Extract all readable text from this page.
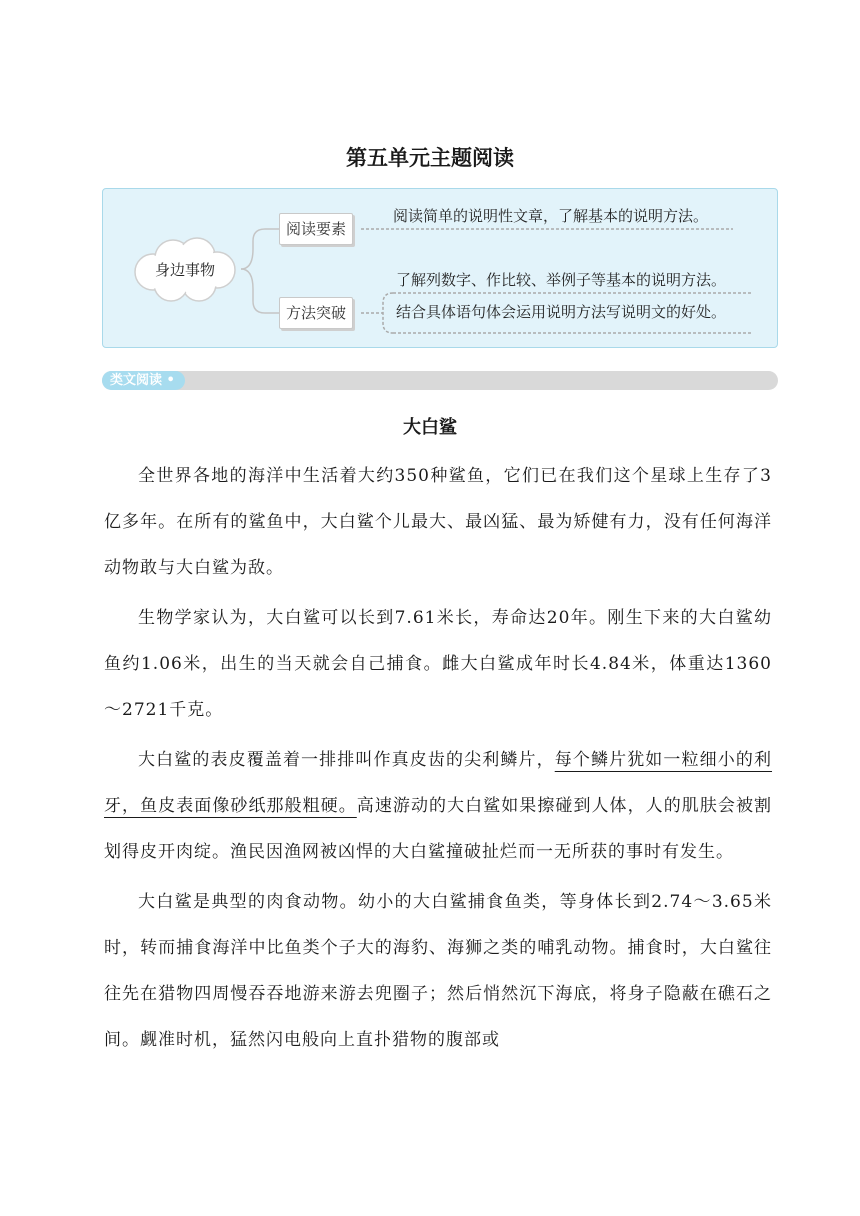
第五单元主题阅读
身边事物
阅读要素
方法突破
阅读简单的说明性文章，了解基本的说明方法。
了解列数字、作比较、举例子等基本的说明方法。
结合具体语句体会运用说明方法写说明文的好处。
类文阅读 •
大白鲨

全世界各地的海洋中生活着大约350种鲨鱼，它们已在我们这个星球上生存了3亿多年。在所有的鲨鱼中，大白鲨个儿最大、最凶猛、最为矫健有力，没有任何海洋动物敢与大白鲨为敌。

生物学家认为，大白鲨可以长到7.61米长，寿命达20年。刚生下来的大白鲨幼鱼约1.06米，出生的当天就会自己捕食。雌大白鲨成年时长4.84米，体重达1360～2721千克。

大白鲨的表皮覆盖着一排排叫作真皮齿的尖利鳞片，每个鳞片犹如一粒细小的利牙，鱼皮表面像砂纸那般粗硬。高速游动的大白鲨如果擦碰到人体，人的肌肤会被割划得皮开肉绽。渔民因渔网被凶悍的大白鲨撞破扯烂而一无所获的事时有发生。

大白鲨是典型的肉食动物。幼小的大白鲨捕食鱼类，等身体长到2.74～3.65米时，转而捕食海洋中比鱼类个子大的海豹、海狮之类的哺乳动物。捕食时，大白鲨往往先在猎物四周慢吞吞地游来游去兜圈子；然后悄然沉下海底，将身子隐蔽在礁石之间。觑准时机，猛然闪电般向上直扑猎物的腹部或
